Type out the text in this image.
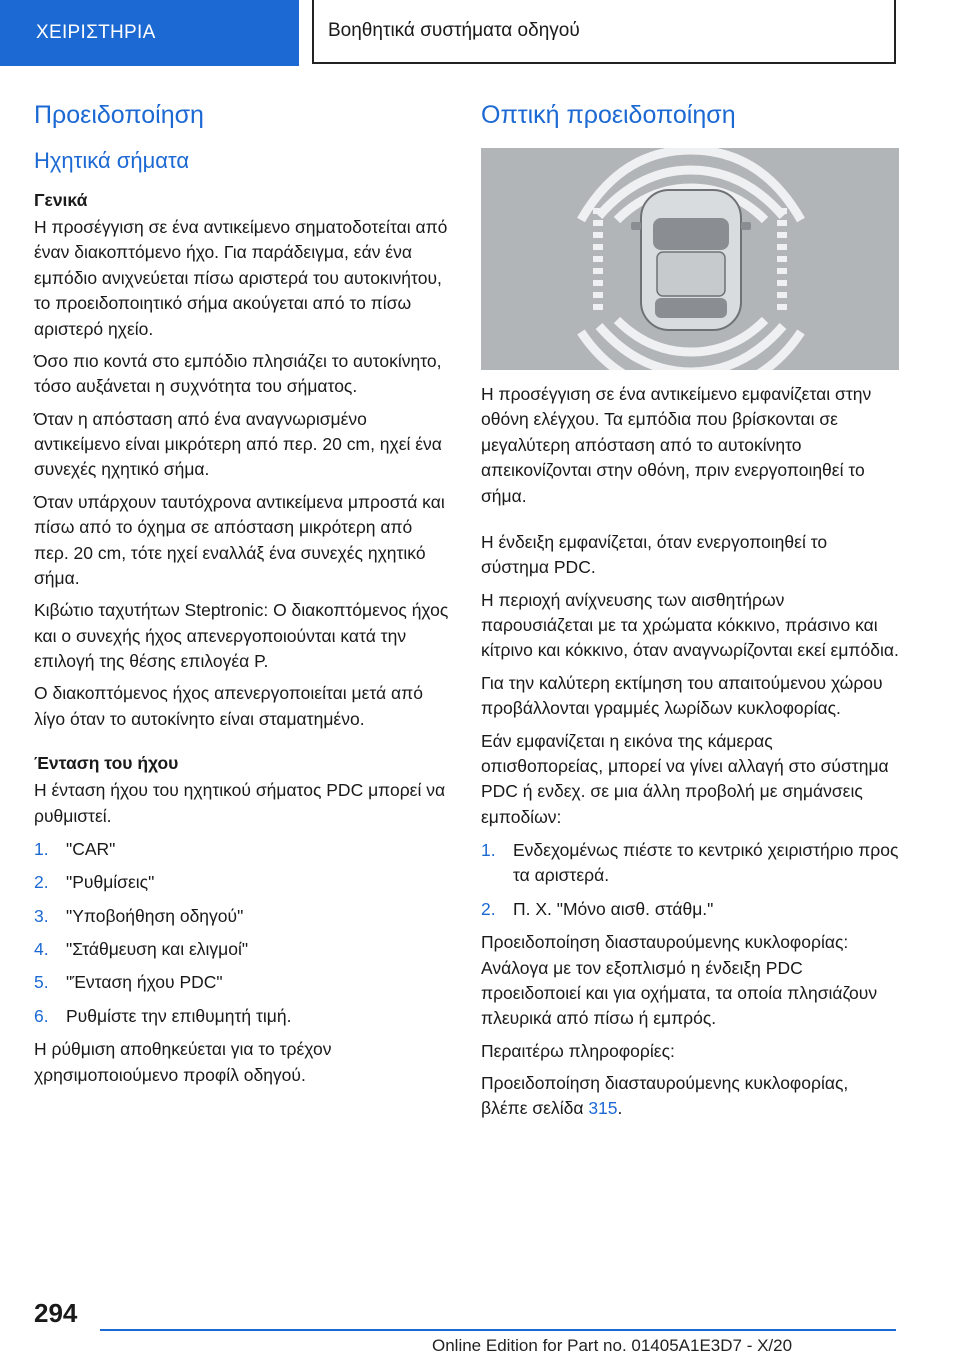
ΧΕΙΡΙΣΤΗΡΙΑ	Βοηθητικά συστήματα οδηγού
Προειδοποίηση
Ηχητικά σήματα
Γενικά

Η προσέγγιση σε ένα αντικείμενο σηματοδοτείται από έναν διακοπτόμενο ήχο. Για παράδειγμα, εάν ένα εμπόδιο ανιχνεύεται πίσω αριστερά του αυτοκινήτου, το προειδοποιητικό σήμα ακούγεται από το πίσω αριστερό ηχείο.

Όσο πιο κοντά στο εμπόδιο πλησιάζει το αυτοκίνητο, τόσο αυξάνεται η συχνότητα του σήματος.

Όταν η απόσταση από ένα αναγνωρισμένο αντικείμενο είναι μικρότερη από περ. 20 cm, ηχεί ένα συνεχές ηχητικό σήμα.

Όταν υπάρχουν ταυτόχρονα αντικείμενα μπροστά και πίσω από το όχημα σε απόσταση μικρότερη από περ. 20 cm, τότε ηχεί εναλλάξ ένα συνεχές ηχητικό σήμα.

Κιβώτιο ταχυτήτων Steptronic: Ο διακοπτόμενος ήχος και ο συνεχής ήχος απενεργοποιούνται κατά την επιλογή της θέσης επιλογέα P.

Ο διακοπτόμενος ήχος απενεργοποιείται μετά από λίγο όταν το αυτοκίνητο είναι σταματημένο.

Ένταση του ήχου

Η ένταση ήχου του ηχητικού σήματος PDC μπορεί να ρυθμιστεί.

1. "CAR"
2. "Ρυθμίσεις"
3. "Υποβοήθηση οδηγού"
4. "Στάθμευση και ελιγμοί"
5. "Ένταση ήχου PDC"
6. Ρυθμίστε την επιθυμητή τιμή.

Η ρύθμιση αποθηκεύεται για το τρέχον χρησιμοποιούμενο προφίλ οδηγού.

Οπτική προειδοποίηση

Η προσέγγιση σε ένα αντικείμενο εμφανίζεται στην οθόνη ελέγχου. Τα εμπόδια που βρίσκονται σε μεγαλύτερη απόσταση από το αυτοκίνητο απεικονίζονται στην οθόνη, πριν ενεργοποιηθεί το σήμα.

Η ένδειξη εμφανίζεται, όταν ενεργοποιηθεί το σύστημα PDC.

Η περιοχή ανίχνευσης των αισθητήρων παρουσιάζεται με τα χρώματα κόκκινο, πράσινο και κίτρινο και κόκκινο, όταν αναγνωρίζονται εκεί εμπόδια.

Για την καλύτερη εκτίμηση του απαιτούμενου χώρου προβάλλονται γραμμές λωρίδων κυκλοφορίας.

Εάν εμφανίζεται η εικόνα της κάμερας οπισθοπορείας, μπορεί να γίνει αλλαγή στο σύστημα PDC ή ενδεχ. σε μια άλλη προβολή με σημάνσεις εμποδίων:

1. Ενδεχομένως πιέστε το κεντρικό χειριστήριο προς τα αριστερά.
2. Π. Χ. "Μόνο αισθ. στάθμ."

Προειδοποίηση διασταυρούμενης κυκλοφορίας: Ανάλογα με τον εξοπλισμό η ένδειξη PDC προειδοποιεί και για οχήματα, τα οποία πλησιάζουν πλευρικά από πίσω ή εμπρός.

Περαιτέρω πληροφορίες:

Προειδοποίηση διασταυρούμενης κυκλοφορίας, βλέπε σελίδα 315.

294
Online Edition for Part no. 01405A1E3D7 - X/20
